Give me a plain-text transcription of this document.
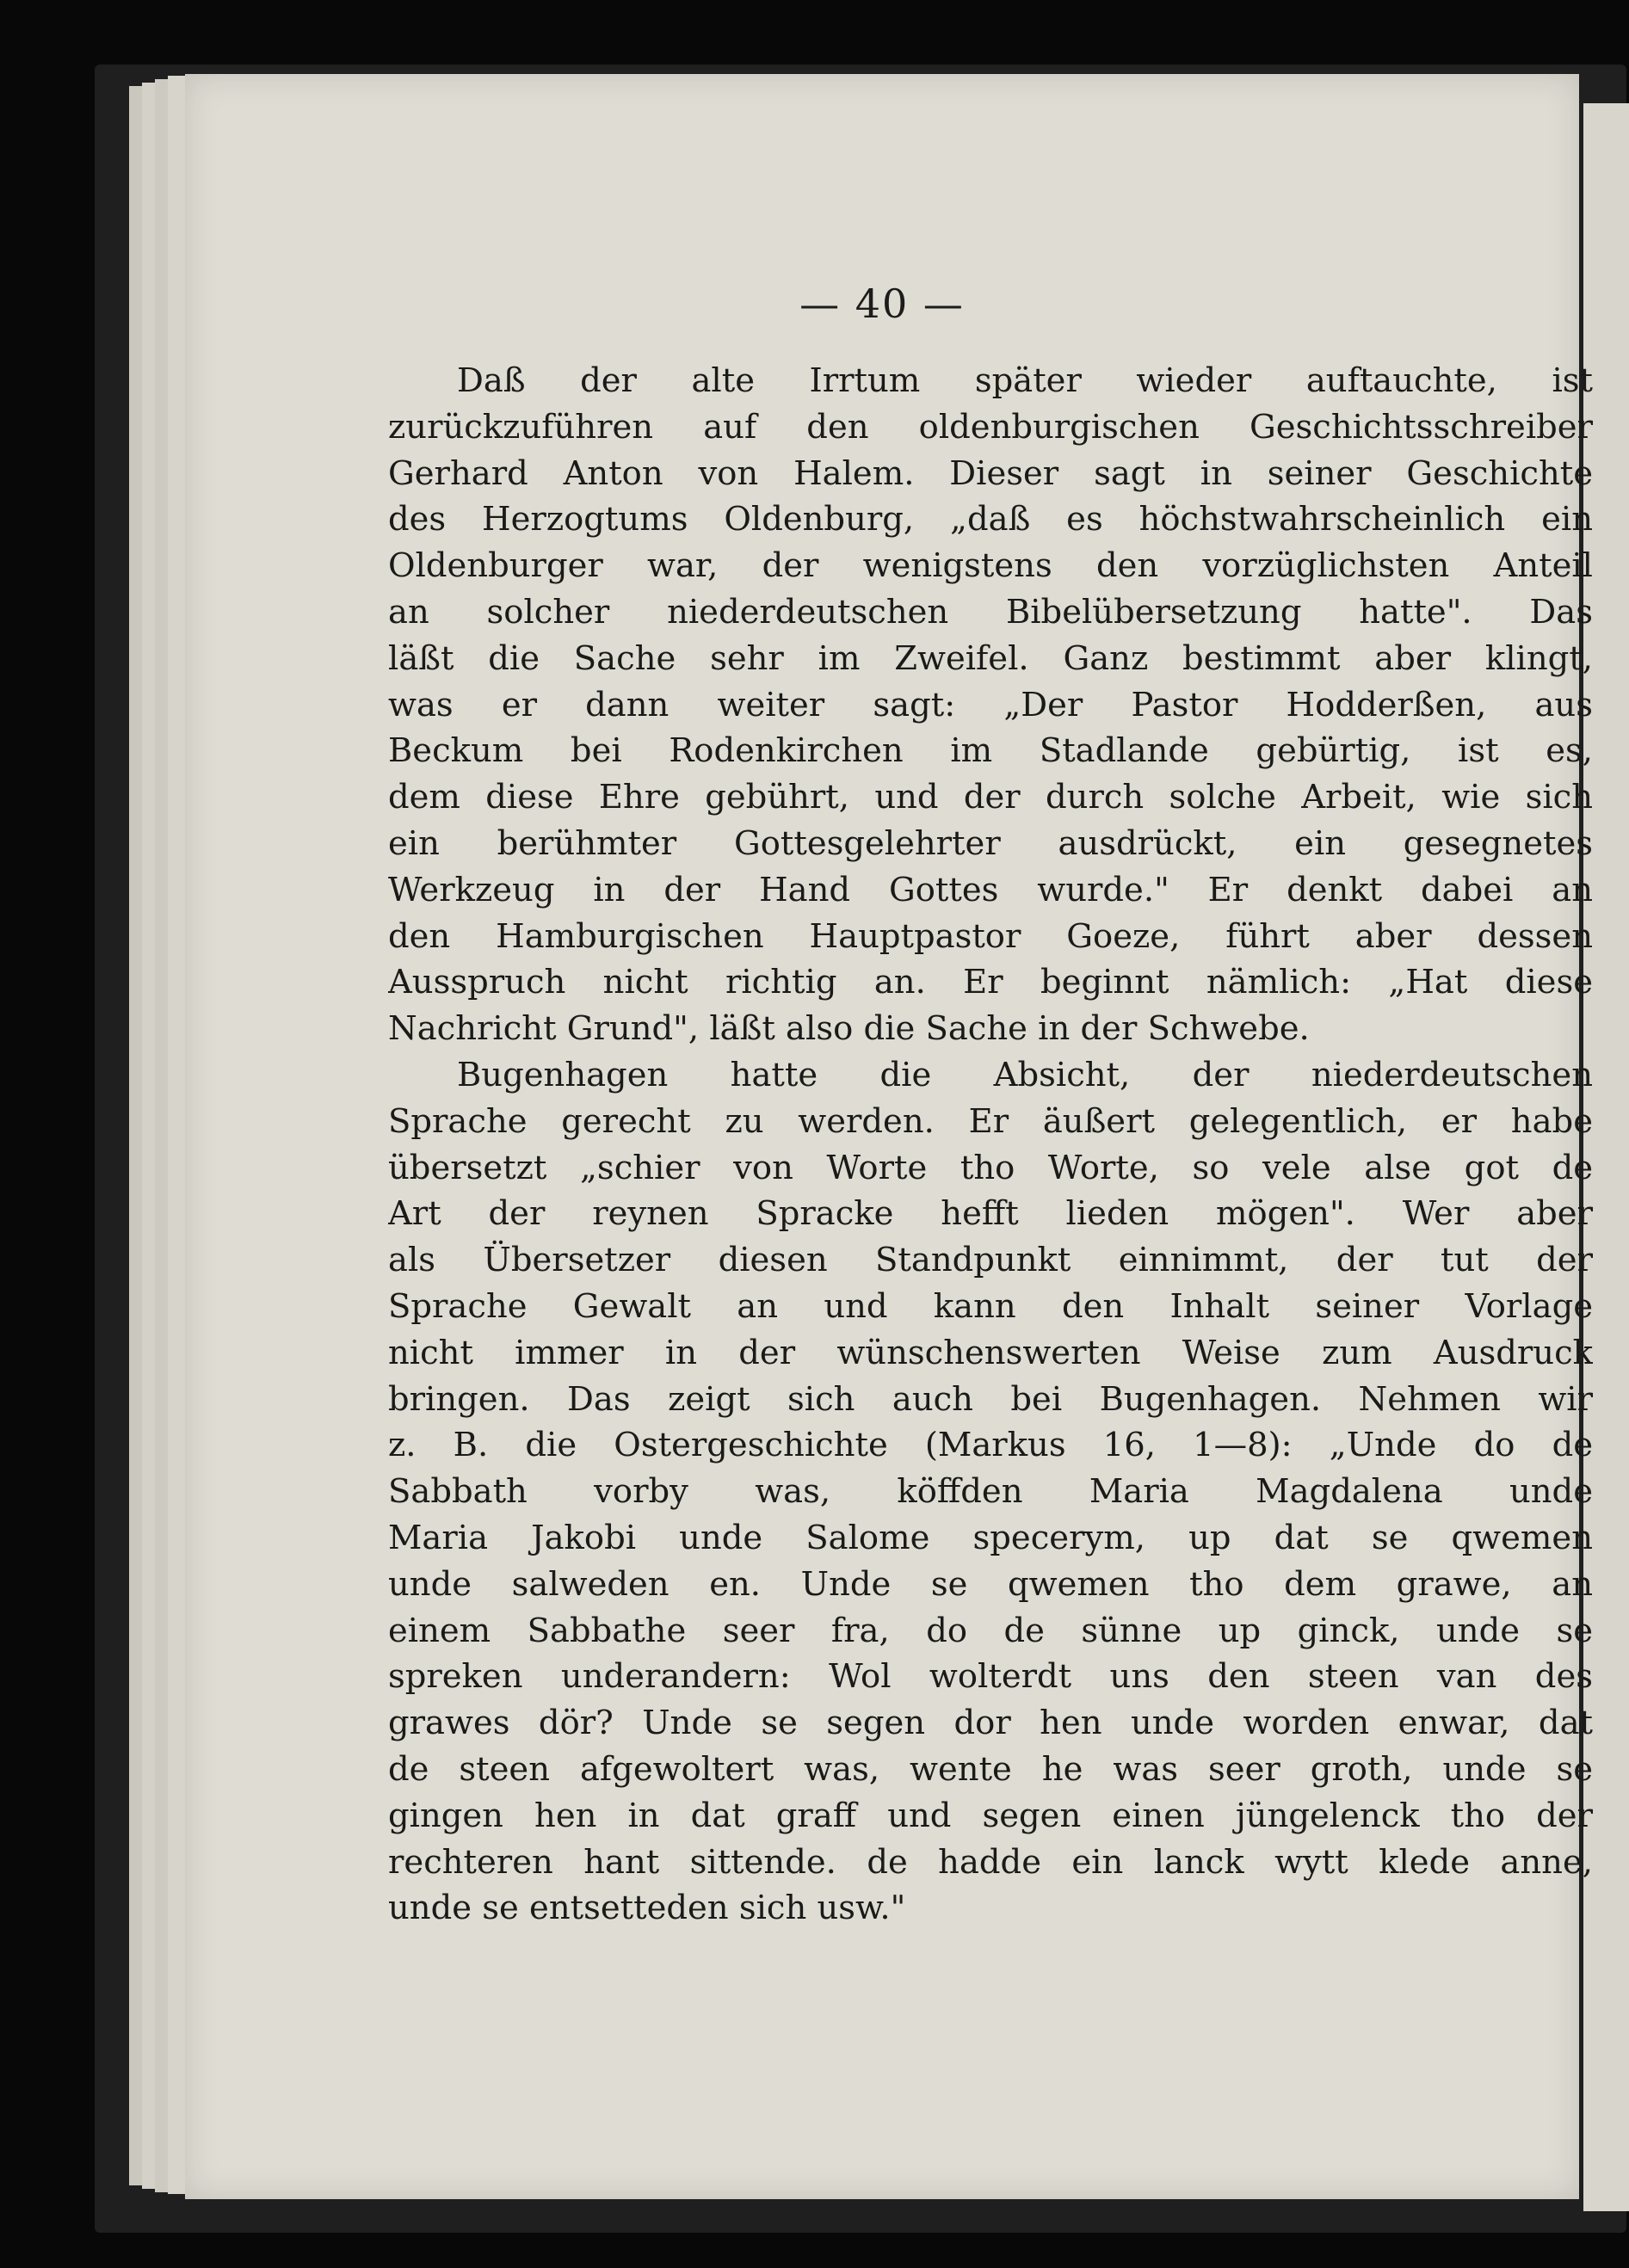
— 40 —
Daß der alte Irrtum später wieder auftauchte, ist
zurückzuführen auf den oldenburgischen Geschichtsschreiber
Gerhard Anton von Halem. Dieser sagt in seiner Geschichte
des Herzogtums Oldenburg, „daß es höchstwahrscheinlich ein
Oldenburger war, der wenigstens den vorzüglichsten Anteil
an solcher niederdeutschen Bibelübersetzung hatte". Das
läßt die Sache sehr im Zweifel. Ganz bestimmt aber klingt,
was er dann weiter sagt: „Der Pastor Hodderßen, aus
Beckum bei Rodenkirchen im Stadlande gebürtig, ist es,
dem diese Ehre gebührt, und der durch solche Arbeit, wie sich
ein berühmter Gottesgelehrter ausdrückt, ein gesegnetes
Werkzeug in der Hand Gottes wurde." Er denkt dabei an
den Hamburgischen Hauptpastor Goeze, führt aber dessen
Ausspruch nicht richtig an. Er beginnt nämlich: „Hat diese
Nachricht Grund", läßt also die Sache in der Schwebe.
Bugenhagen hatte die Absicht, der niederdeutschen
Sprache gerecht zu werden. Er äußert gelegentlich, er habe
übersetzt „schier von Worte tho Worte, so vele alse got de
Art der reynen Spracke hefft lieden mögen". Wer aber
als Übersetzer diesen Standpunkt einnimmt, der tut der
Sprache Gewalt an und kann den Inhalt seiner Vorlage
nicht immer in der wünschenswerten Weise zum Ausdruck
bringen. Das zeigt sich auch bei Bugenhagen. Nehmen wir
z. B. die Ostergeschichte (Markus 16, 1—8): „Unde do de
Sabbath vorby was, köffden Maria Magdalena unde
Maria Jakobi unde Salome specerym, up dat se qwemen
unde salweden en. Unde se qwemen tho dem grawe, an
einem Sabbathe seer fra, do de sünne up ginck, unde se
spreken underandern: Wol wolterdt uns den steen van des
grawes dör? Unde se segen dor hen unde worden enwar, dat
de steen afgewoltert was, wente he was seer groth, unde se
gingen hen in dat graff und segen einen jüngelenck tho der
rechteren hant sittende. de hadde ein lanck wytt klede anne,
unde se entsetteden sich usw."
